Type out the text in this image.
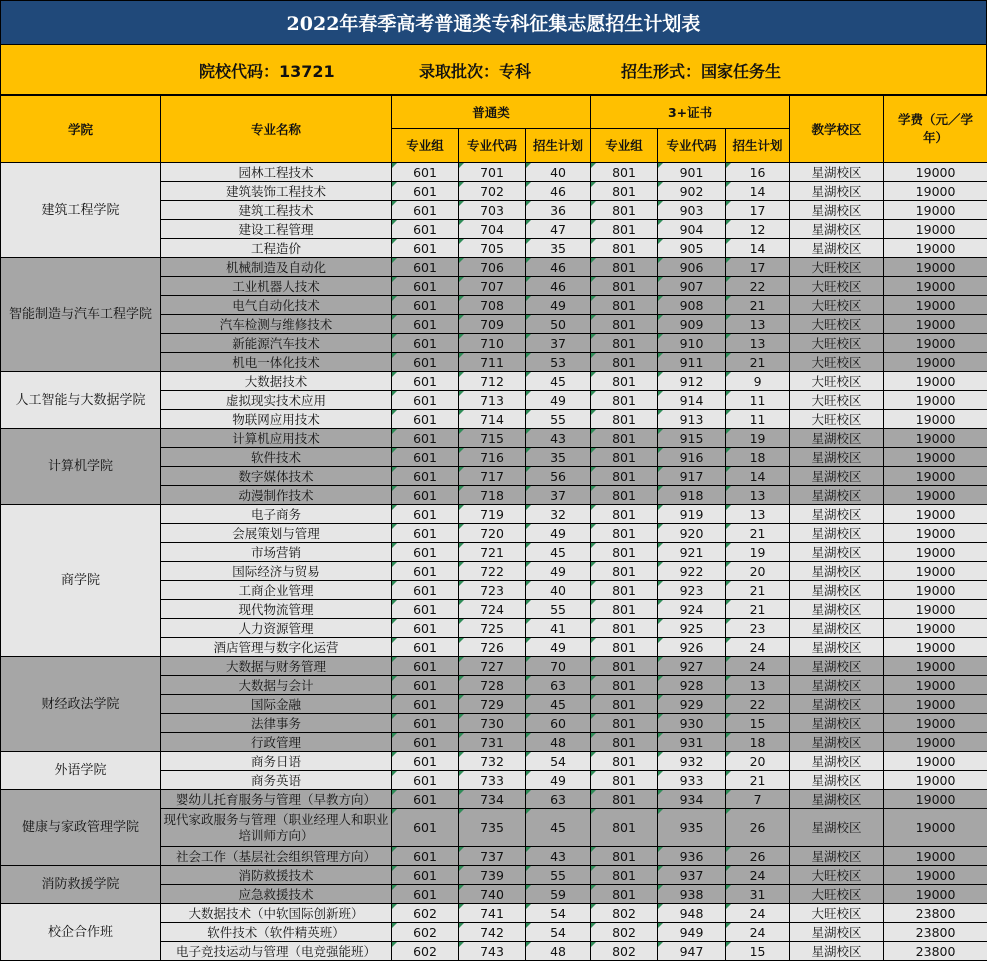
2022年春季高考普通类专科征集志愿招生计划表
院校代码：13721	录取批次：专科	招生形式：国家任务生
学院	专业名称	普通类			3+证书			教学校区	学费（元／学年）
		专业组	专业代码	招生计划	专业组	专业代码	招生计划		
建筑工程学院	园林工程技术	601	701	40	801	901	16	星湖校区	19000
	建筑装饰工程技术	601	702	46	801	902	14	星湖校区	19000
	建筑工程技术	601	703	36	801	903	17	星湖校区	19000
	建设工程管理	601	704	47	801	904	12	星湖校区	19000
	工程造价	601	705	35	801	905	14	星湖校区	19000
智能制造与汽车工程学院	机械制造及自动化	601	706	46	801	906	17	大旺校区	19000
	工业机器人技术	601	707	46	801	907	22	大旺校区	19000
	电气自动化技术	601	708	49	801	908	21	大旺校区	19000
	汽车检测与维修技术	601	709	50	801	909	13	大旺校区	19000
	新能源汽车技术	601	710	37	801	910	13	大旺校区	19000
	机电一体化技术	601	711	53	801	911	21	大旺校区	19000
人工智能与大数据学院	大数据技术	601	712	45	801	912	9	大旺校区	19000
	虚拟现实技术应用	601	713	49	801	914	11	大旺校区	19000
	物联网应用技术	601	714	55	801	913	11	大旺校区	19000
计算机学院	计算机应用技术	601	715	43	801	915	19	星湖校区	19000
	软件技术	601	716	35	801	916	18	星湖校区	19000
	数字媒体技术	601	717	56	801	917	14	星湖校区	19000
	动漫制作技术	601	718	37	801	918	13	星湖校区	19000
商学院	电子商务	601	719	32	801	919	13	星湖校区	19000
	会展策划与管理	601	720	49	801	920	21	星湖校区	19000
	市场营销	601	721	45	801	921	19	星湖校区	19000
	国际经济与贸易	601	722	49	801	922	20	星湖校区	19000
	工商企业管理	601	723	40	801	923	21	星湖校区	19000
	现代物流管理	601	724	55	801	924	21	星湖校区	19000
	人力资源管理	601	725	41	801	925	23	星湖校区	19000
	酒店管理与数字化运营	601	726	49	801	926	24	星湖校区	19000
财经政法学院	大数据与财务管理	601	727	70	801	927	24	星湖校区	19000
	大数据与会计	601	728	63	801	928	13	星湖校区	19000
	国际金融	601	729	45	801	929	22	星湖校区	19000
	法律事务	601	730	60	801	930	15	星湖校区	19000
	行政管理	601	731	48	801	931	18	星湖校区	19000
外语学院	商务日语	601	732	54	801	932	20	星湖校区	19000
	商务英语	601	733	49	801	933	21	星湖校区	19000
健康与家政管理学院	婴幼儿托育服务与管理（早教方向）	601	734	63	801	934	7	星湖校区	19000
	现代家政服务与管理（职业经理人和职业培训师方向）	601	735	45	801	935	26	星湖校区	19000
	社会工作（基层社会组织管理方向）	601	737	43	801	936	26	星湖校区	19000
消防救援学院	消防救援技术	601	739	55	801	937	24	大旺校区	19000
	应急救援技术	601	740	59	801	938	31	大旺校区	19000
校企合作班	大数据技术（中软国际创新班）	602	741	54	802	948	24	大旺校区	23800
	软件技术（软件精英班）	602	742	54	802	949	24	星湖校区	23800
	电子竞技运动与管理（电竞强能班）	602	743	48	802	947	15	星湖校区	23800
